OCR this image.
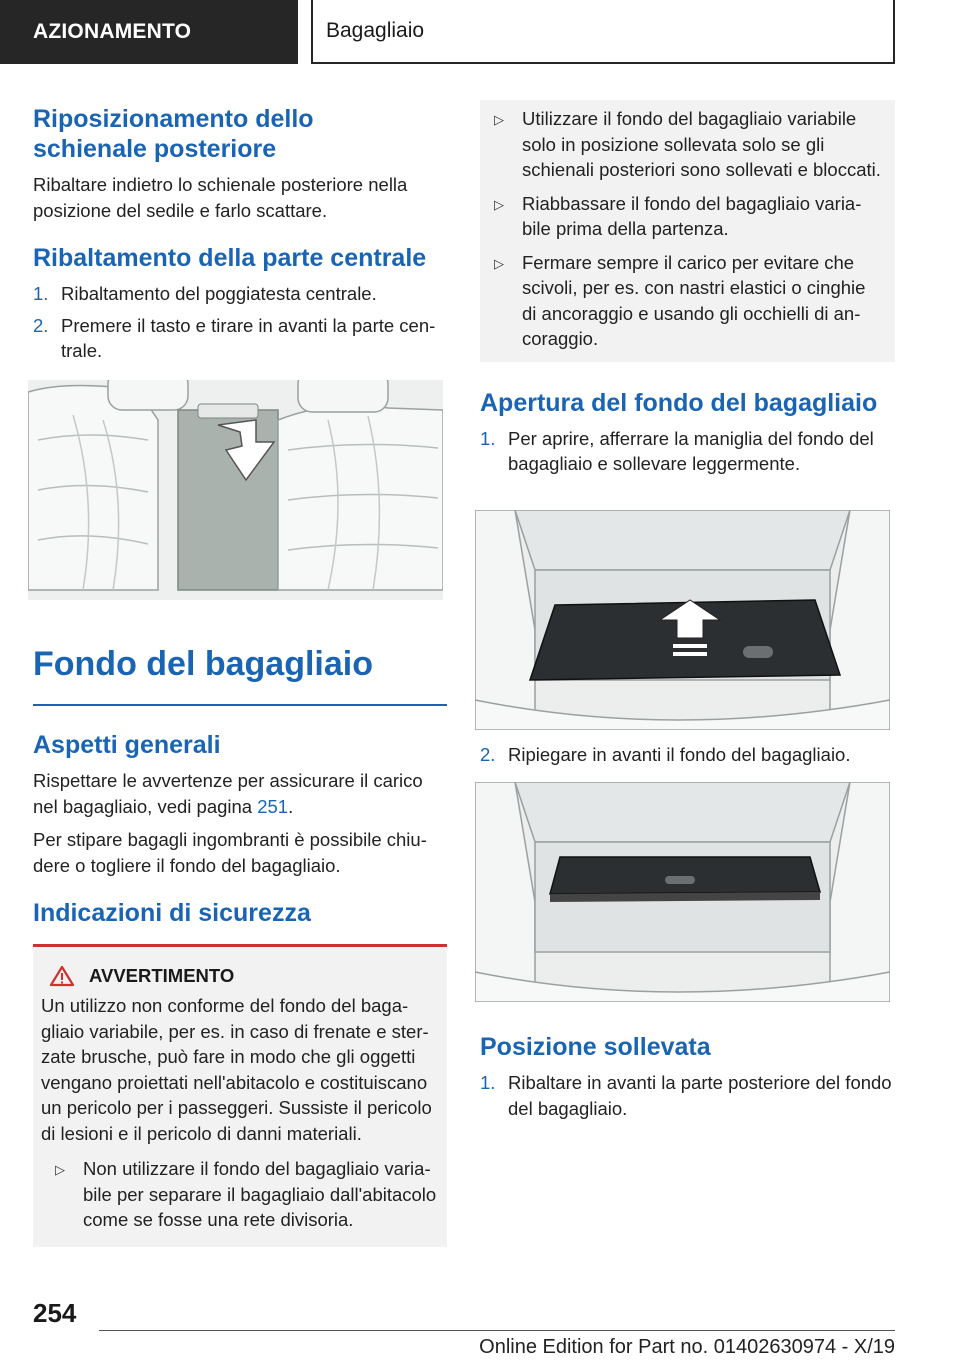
AZIONAMENTO	Bagagliaio
Riposizionamento dello schienale posteriore
Ribaltare indietro lo schienale posteriore nella posizione del sedile e farlo scattare.
Ribaltamento della parte centrale
1. Ribaltamento del poggiatesta centrale.
2. Premere il tasto e tirare in avanti la parte centrale.
Fondo del bagagliaio
Aspetti generali
Rispettare le avvertenze per assicurare il carico nel bagagliaio, vedi pagina 251.
Per stipare bagagli ingombranti è possibile chiudere o togliere il fondo del bagagliaio.
Indicazioni di sicurezza
AVVERTIMENTO
Un utilizzo non conforme del fondo del bagagliaio variabile, per es. in caso di frenate e sterzate brusche, può fare in modo che gli oggetti vengano proiettati nell'abitacolo e costituiscano un pericolo per i passeggeri. Sussiste il pericolo di lesioni e il pericolo di danni materiali.
▷ Non utilizzare il fondo del bagagliaio variabile per separare il bagagliaio dall'abitacolo come se fosse una rete divisoria.
▷ Utilizzare il fondo del bagagliaio variabile solo in posizione sollevata solo se gli schienali posteriori sono sollevati e bloccati.
▷ Riabbassare il fondo del bagagliaio variabile prima della partenza.
▷ Fermare sempre il carico per evitare che scivoli, per es. con nastri elastici o cinghie di ancoraggio e usando gli occhielli di ancoraggio.
Apertura del fondo del bagagliaio
1. Per aprire, afferrare la maniglia del fondo del bagagliaio e sollevare leggermente.
2. Ripiegare in avanti il fondo del bagagliaio.
Posizione sollevata
1. Ribaltare in avanti la parte posteriore del fondo del bagagliaio.
254
Online Edition for Part no. 01402630974 - X/19
